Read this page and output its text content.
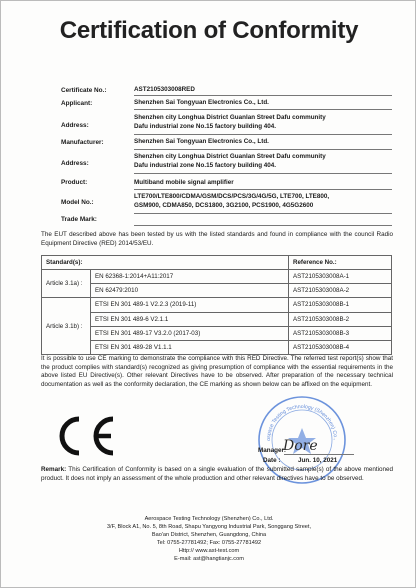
Certification of Conformity
Certificate No.:	AST2105303008RED
Applicant:	Shenzhen Sai Tongyuan Electronics Co., Ltd.
Address:
Shenzhen city Longhua District Guanlan Street Dafu community
Dafu industrial zone No.15 factory building 404.
Manufacturer:	Shenzhen Sai Tongyuan Electronics Co., Ltd.
Address:
Shenzhen city Longhua District Guanlan Street Dafu community
Dafu industrial zone No.15 factory building 404.
Product:	Multiband mobile signal amplifier
Model No.:
LTE700/LTE800/CDMA/GSM/DCS/PCS/3G/4G/5G, LTE700, LTE800,
GSM900, CDMA850, DCS1800, 3G2100, PCS1900, 4G5G2600
Trade Mark:
The EUT described above has been tested by us with the listed standards and found in compliance with the council Radio Equipment Directive (RED) 2014/53/EU.
Standard(s):		Reference No.:
Article 3.1a) :	EN 62368-1:2014+A11:2017	AST2105303008A-1
	EN 62479:2010	AST2105303008A-2
Article 3.1b) :	ETSI EN 301 489-1 V2.2.3 (2019-11)	AST2105303008B-1
	ETSI EN 301 489-6 V2.1.1	AST2105303008B-2
	ETSI EN 301 489-17 V3.2.0 (2017-03)	AST2105303008B-3
	ETSI EN 301 489-28 V1.1.1	AST2105303008B-4
It is possible to use CE marking to demonstrate the compliance with this RED Directive. The referred test report(s) show that the product complies with standard(s) recognized as giving presumption of compliance with the essential requirements in the above listed EU Directive(s). Other relevant Directives have to be observed. After preparation of the necessary technical documentation as well as the conformity declaration, the CE marking as shown below can be affixed on the equipment.
ospace Testing Technology (Shenzhen) Co.,
Manager:
Dore
Date :	Jun. 10, 2021
Remark: This Certification of Conformity is based on a single evaluation of the submitted sample(s) of the above mentioned product. It does not imply an assessment of the whole production and other relevant directives have to be observed.
Aerospace Testing Technology (Shenzhen) Co., Ltd.
3/F, Block A1, No. 5, 8th Road, Shapu Yangyong Industrial Park, Songgang Street,
Bao'an District, Shenzhen, Guangdong, China
Tel: 0755-27781492; Fax: 0755-27781492
Http:// www.ast-test.com
E-mail: ast@hangtianjc.com
